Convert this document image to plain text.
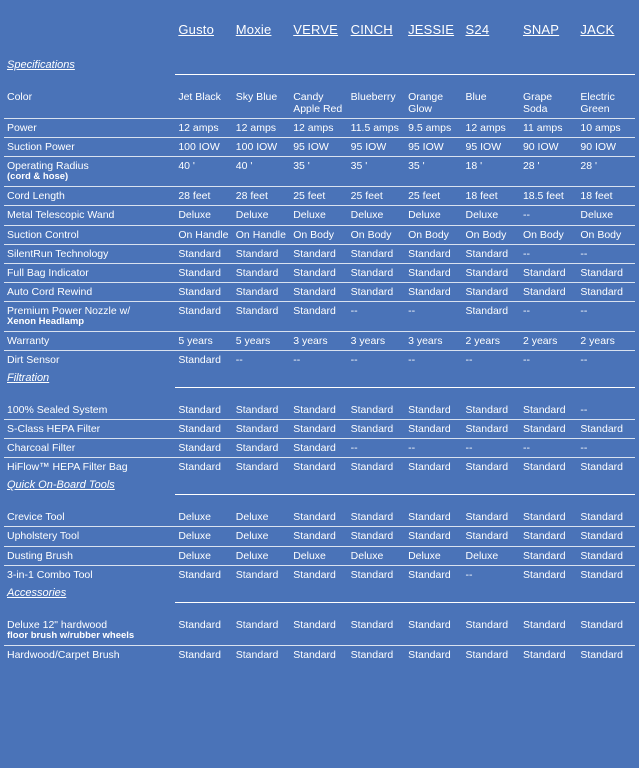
	Gusto	Moxie	VERVE	CINCH	JESSIE	S24	SNAP	JACK
Specifications								

Color	Jet Black	Sky Blue	Candy Apple Red	Blueberry	Orange Glow	Blue	Grape Soda	Electric Green
Power	12 amps	12 amps	12 amps	11.5 amps	9.5 amps	12 amps	11 amps	10 amps
Suction Power	100 IOW	100 IOW	95 IOW	95 IOW	95 IOW	95 IOW	90 IOW	90 IOW
Operating Radius
(cord & hose)	40 '	40 '	35 '	35 '	35 '	18 '	28 '	28 '
Cord Length	28 feet	28 feet	25 feet	25 feet	25 feet	18 feet	18.5 feet	18 feet
Metal Telescopic Wand	Deluxe	Deluxe	Deluxe	Deluxe	Deluxe	Deluxe	--	Deluxe
Suction Control	On Handle	On Handle	On Body	On Body	On Body	On Body	On Body	On Body
SilentRun Technology	Standard	Standard	Standard	Standard	Standard	Standard	--	--
Full Bag Indicator	Standard	Standard	Standard	Standard	Standard	Standard	Standard	Standard
Auto Cord Rewind	Standard	Standard	Standard	Standard	Standard	Standard	Standard	Standard
Premium Power Nozzle w/
Xenon Headlamp	Standard	Standard	Standard	--	--	Standard	--	--
Warranty	5 years	5 years	3 years	3 years	3 years	2 years	2 years	2 years
Dirt Sensor	Standard	--	--	--	--	--	--	--
Filtration								

100% Sealed System	Standard	Standard	Standard	Standard	Standard	Standard	Standard	--
S-Class HEPA Filter	Standard	Standard	Standard	Standard	Standard	Standard	Standard	Standard
Charcoal Filter	Standard	Standard	Standard	--	--	--	--	--
HiFlow™ HEPA Filter Bag	Standard	Standard	Standard	Standard	Standard	Standard	Standard	Standard
Quick On-Board Tools								

Crevice Tool	Deluxe	Deluxe	Standard	Standard	Standard	Standard	Standard	Standard
Upholstery Tool	Deluxe	Deluxe	Standard	Standard	Standard	Standard	Standard	Standard
Dusting Brush	Deluxe	Deluxe	Deluxe	Deluxe	Deluxe	Deluxe	Standard	Standard
3-in-1 Combo Tool	Standard	Standard	Standard	Standard	Standard	--	Standard	Standard
Accessories								

Deluxe 12" hardwood
floor brush w/rubber wheels	Standard	Standard	Standard	Standard	Standard	Standard	Standard	Standard
Hardwood/Carpet Brush	Standard	Standard	Standard	Standard	Standard	Standard	Standard	Standard
